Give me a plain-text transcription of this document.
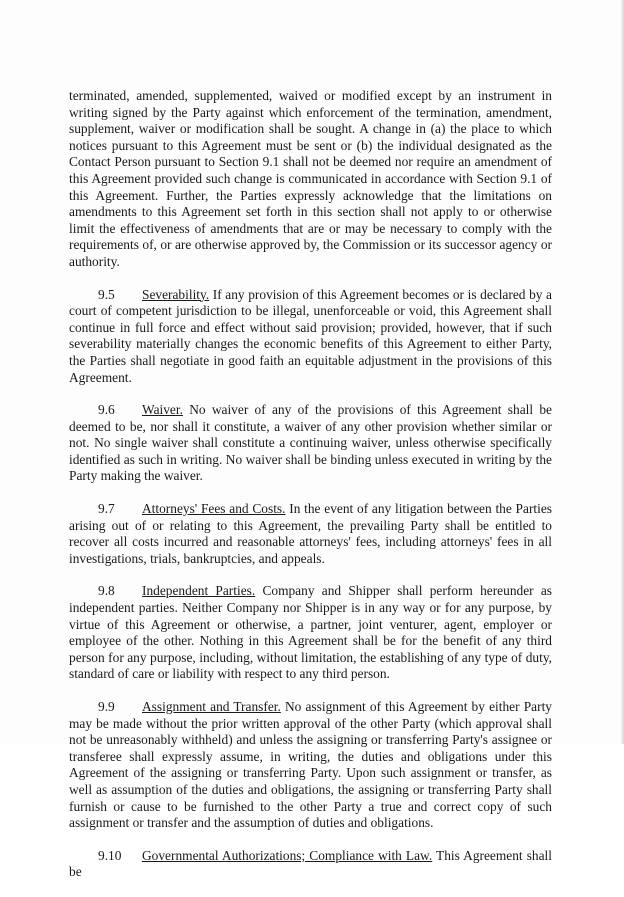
terminated, amended, supplemented, waived or modified except by an instrument in writing signed by the Party against which enforcement of the termination, amendment, supplement, waiver or modification shall be sought. A change in (a) the place to which notices pursuant to this Agreement must be sent or (b) the individual designated as the Contact Person pursuant to Section 9.1 shall not be deemed nor require an amendment of this Agreement provided such change is communicated in accordance with Section 9.1 of this Agreement. Further, the Parties expressly acknowledge that the limitations on amendments to this Agreement set forth in this section shall not apply to or otherwise limit the effectiveness of amendments that are or may be necessary to comply with the requirements of, or are otherwise approved by, the Commission or its successor agency or authority.

9.5 Severability. If any provision of this Agreement becomes or is declared by a court of competent jurisdiction to be illegal, unenforceable or void, this Agreement shall continue in full force and effect without said provision; provided, however, that if such severability materially changes the economic benefits of this Agreement to either Party, the Parties shall negotiate in good faith an equitable adjustment in the provisions of this Agreement.

9.6 Waiver. No waiver of any of the provisions of this Agreement shall be deemed to be, nor shall it constitute, a waiver of any other provision whether similar or not. No single waiver shall constitute a continuing waiver, unless otherwise specifically identified as such in writing. No waiver shall be binding unless executed in writing by the Party making the waiver.

9.7 Attorneys' Fees and Costs. In the event of any litigation between the Parties arising out of or relating to this Agreement, the prevailing Party shall be entitled to recover all costs incurred and reasonable attorneys' fees, including attorneys' fees in all investigations, trials, bankruptcies, and appeals.

9.8 Independent Parties. Company and Shipper shall perform hereunder as independent parties. Neither Company nor Shipper is in any way or for any purpose, by virtue of this Agreement or otherwise, a partner, joint venturer, agent, employer or employee of the other. Nothing in this Agreement shall be for the benefit of any third person for any purpose, including, without limitation, the establishing of any type of duty, standard of care or liability with respect to any third person.

9.9 Assignment and Transfer. No assignment of this Agreement by either Party may be made without the prior written approval of the other Party (which approval shall not be unreasonably withheld) and unless the assigning or transferring Party's assignee or transferee shall expressly assume, in writing, the duties and obligations under this Agreement of the assigning or transferring Party. Upon such assignment or transfer, as well as assumption of the duties and obligations, the assigning or transferring Party shall furnish or cause to be furnished to the other Party a true and correct copy of such assignment or transfer and the assumption of duties and obligations.

9.10 Governmental Authorizations; Compliance with Law. This Agreement shall be
